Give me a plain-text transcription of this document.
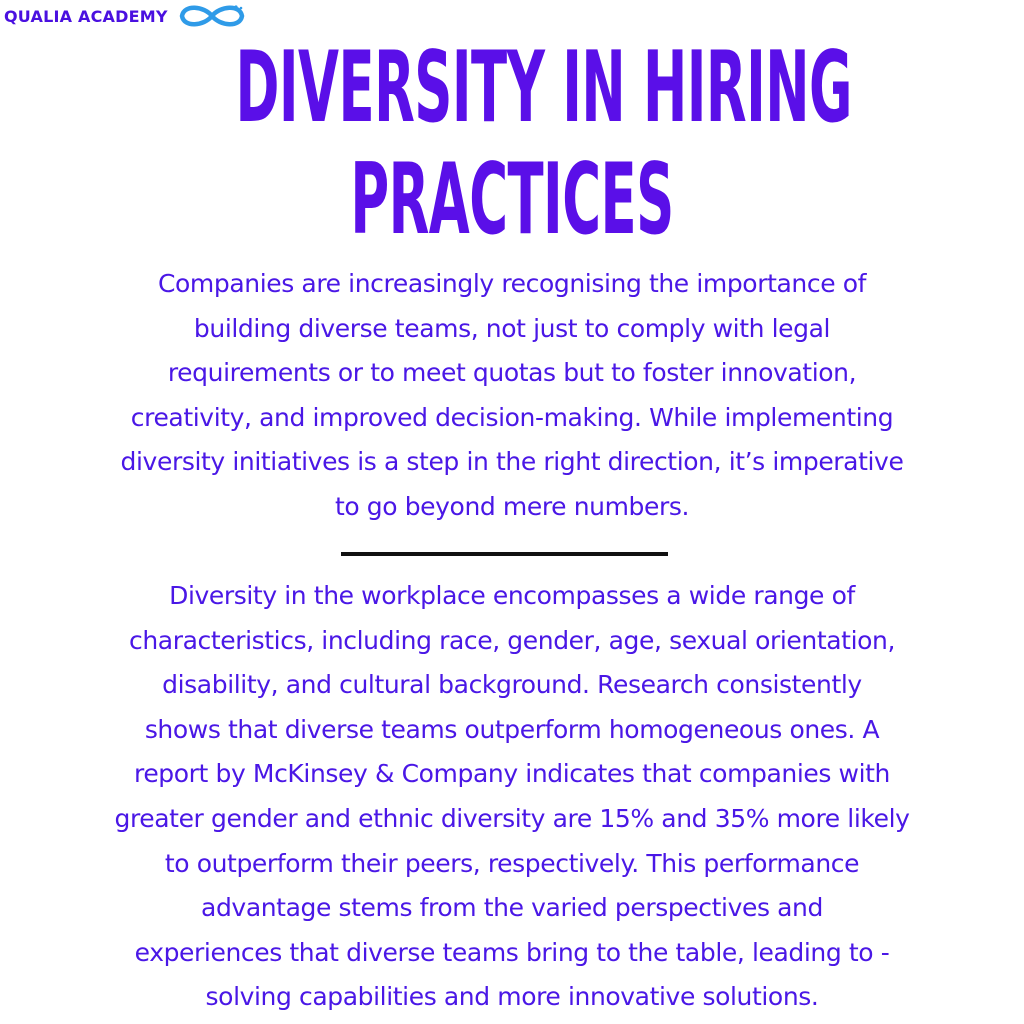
QUALIA ACADEMY
DIVERSITY IN HIRING
PRACTICES

Companies are increasingly recognising the importance of
building diverse teams, not just to comply with legal
requirements or to meet quotas but to foster innovation,
creativity, and improved decision-making. While implementing
diversity initiatives is a step in the right direction, it’s imperative
to go beyond mere numbers.

Diversity in the workplace encompasses a wide range of
characteristics, including race, gender, age, sexual orientation,
disability, and cultural background. Research consistently
shows that diverse teams outperform homogeneous ones. A
report by McKinsey & Company indicates that companies with
greater gender and ethnic diversity are 15% and 35% more likely
to outperform their peers, respectively. This performance
advantage stems from the varied perspectives and
experiences that diverse teams bring to the table, leading to -
solving capabilities and more innovative solutions.
